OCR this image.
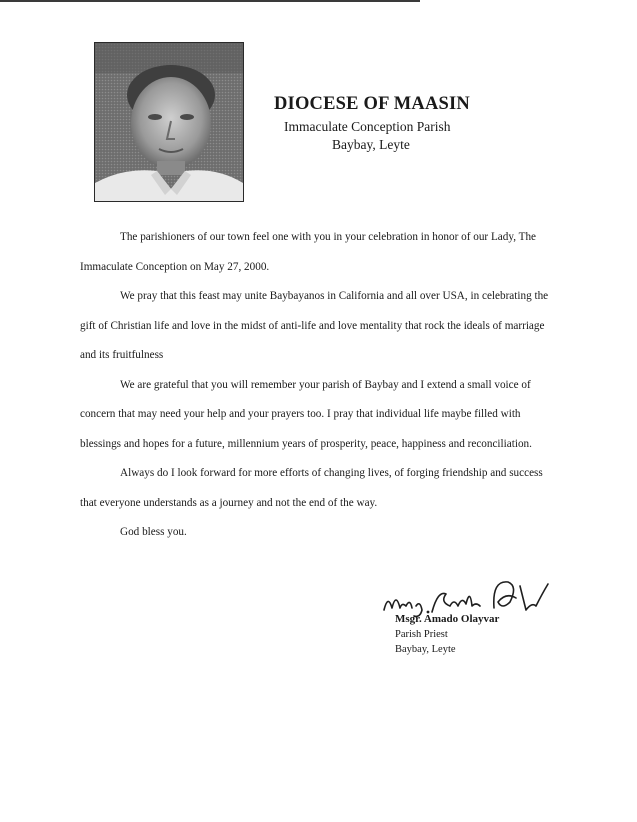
DIOCESE OF MAASIN
Immaculate Conception Parish
Baybay, Leyte

The parishioners of our town feel one with you in your celebration in honor of our Lady, The Immaculate Conception on May 27, 2000.

We pray that this feast may unite Baybayanos in California and all over USA, in celebrating the gift of Christian life and love in the midst of anti-life and love mentality that rock the ideals of marriage and its fruitfulness

We are grateful that you will remember your parish of Baybay and I extend a small voice of concern that may need your help and your prayers too. I pray that individual life maybe filled with blessings and hopes for a future, millennium years of prosperity, peace, happiness and reconciliation.

Always do I look forward for more efforts of changing lives, of forging friendship and success that everyone understands as a journey and not the end of the way.

God bless you.

Msgr. Amado Olayvar
Parish Priest
Baybay, Leyte
